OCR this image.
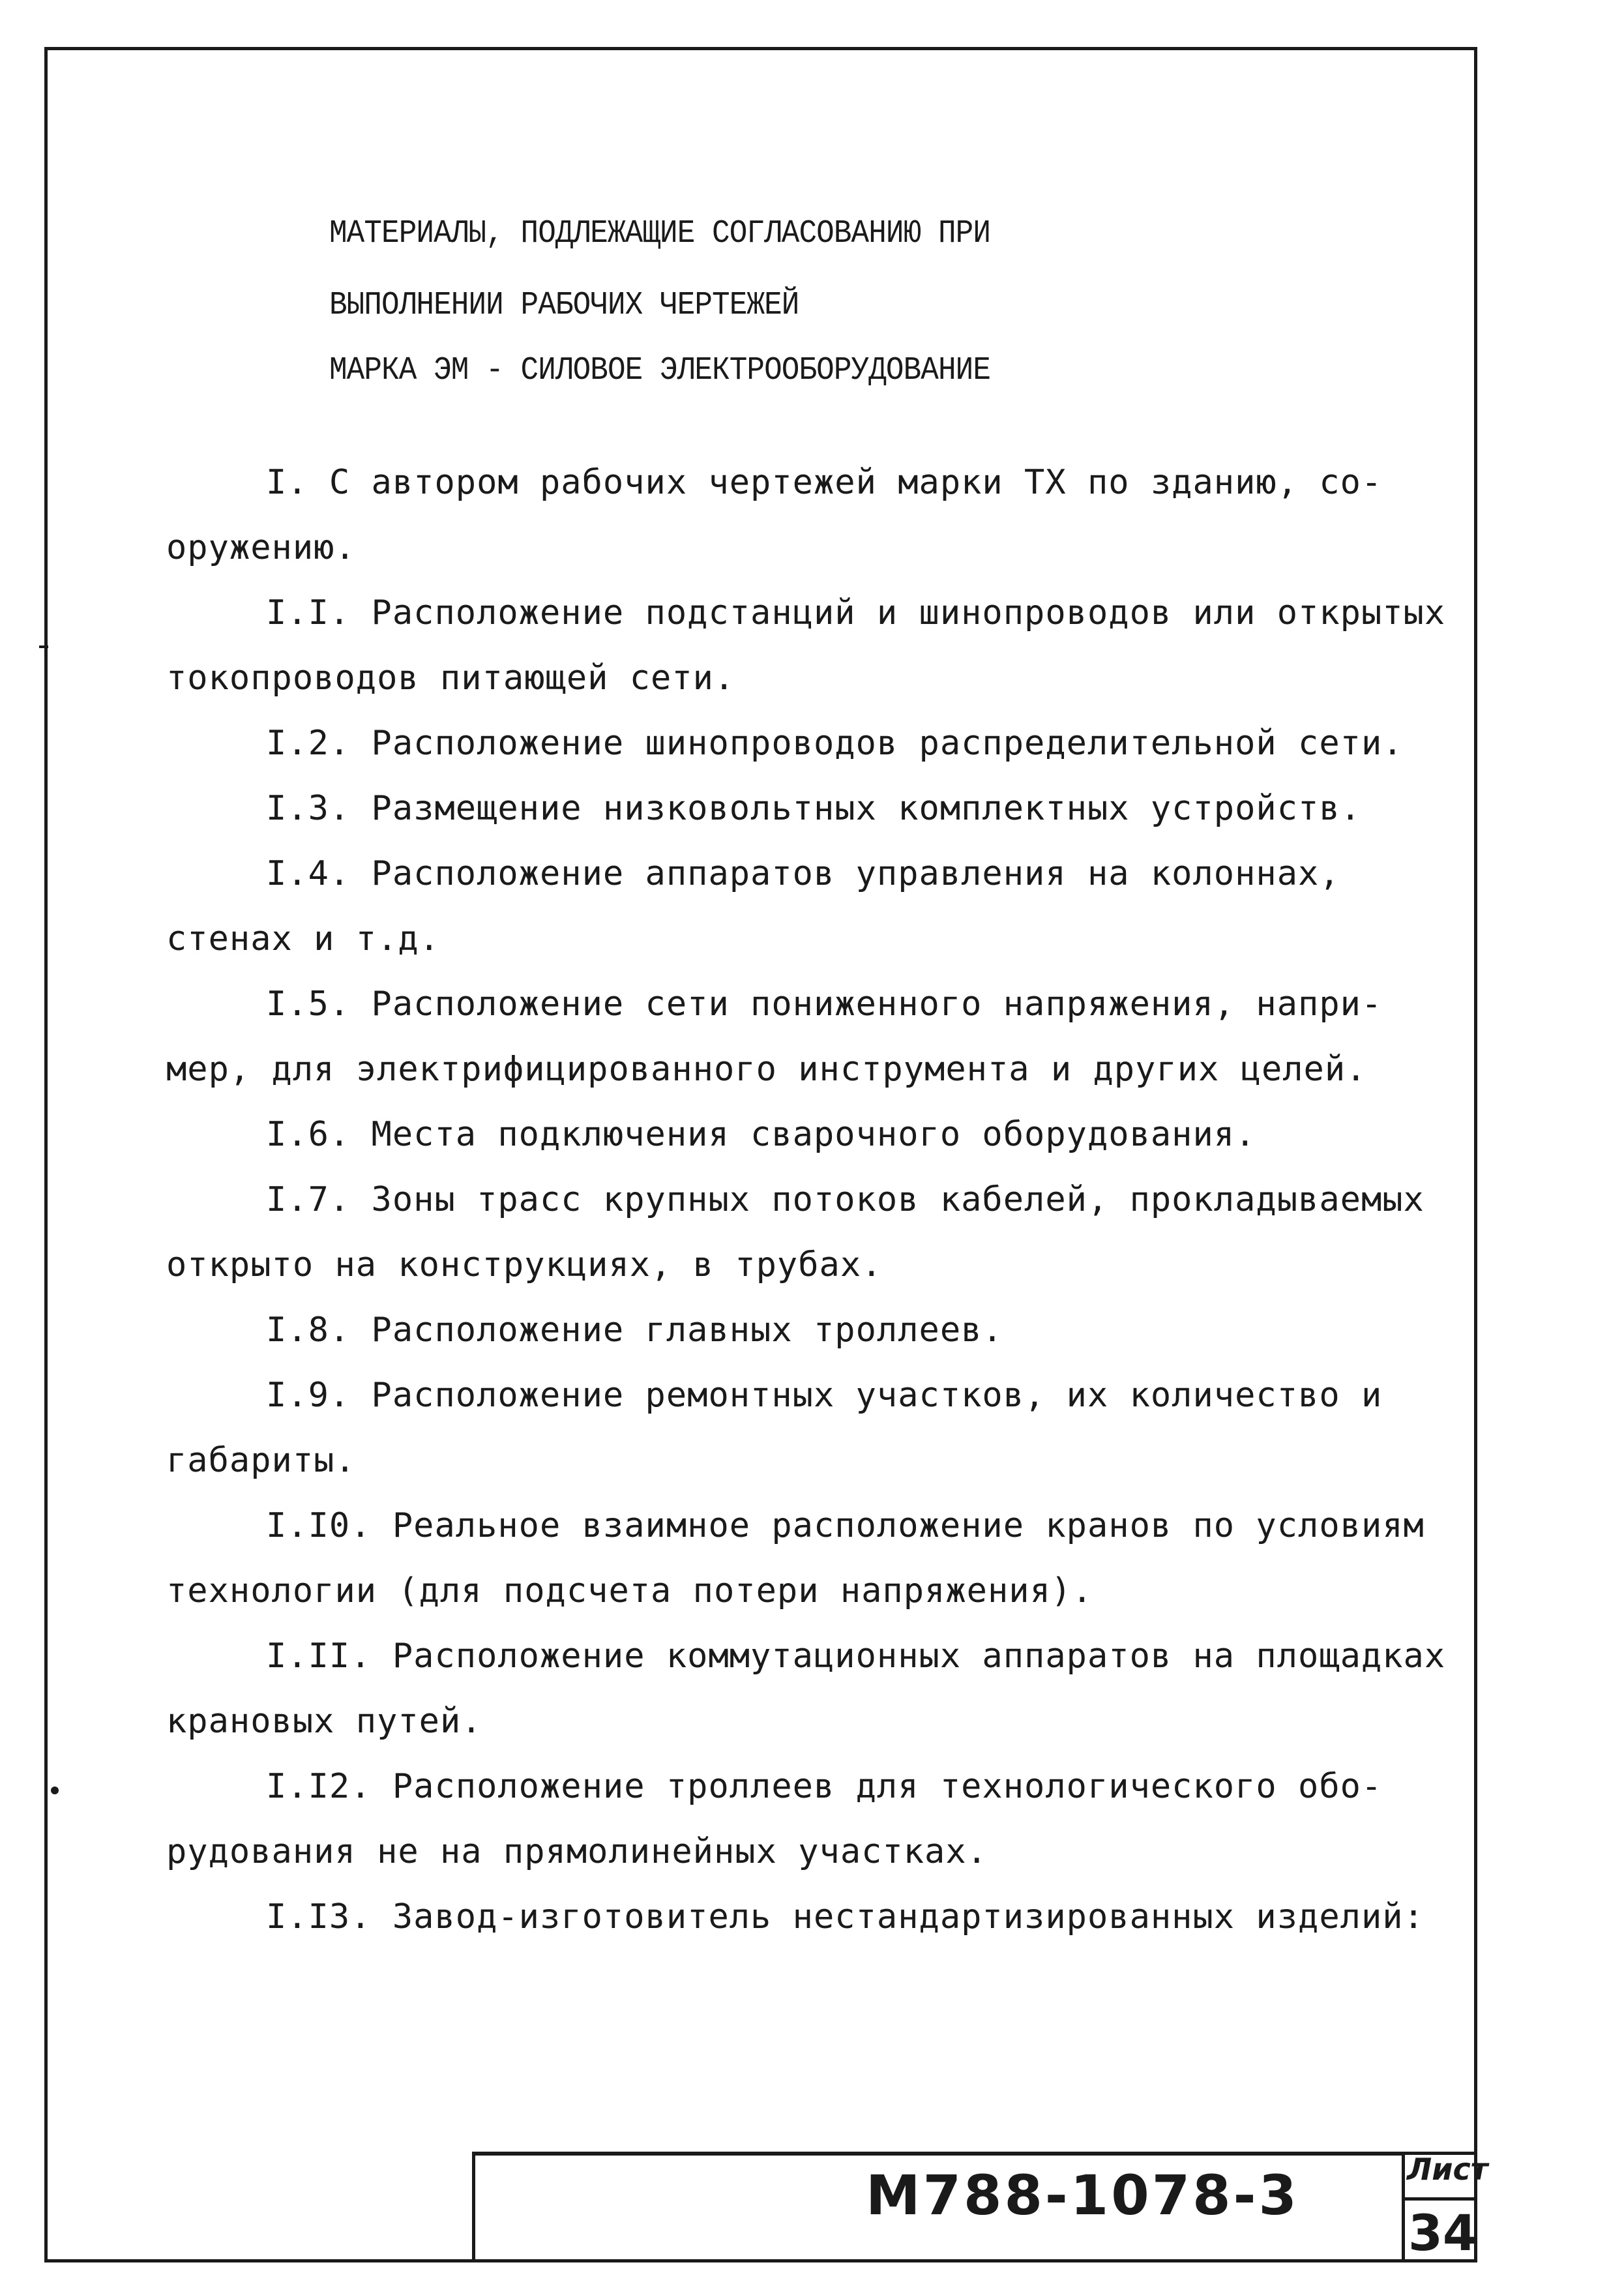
МАТЕРИАЛЫ, ПОДЛЕЖАЩИЕ СОГЛАСОВАНИЮ ПРИ
ВЫПОЛНЕНИИ РАБОЧИХ ЧЕРТЕЖЕЙ
МАРКА ЭМ - СИЛОВОЕ ЭЛЕКТРООБОРУДОВАНИЕ
I. С автором рабочих чертежей марки ТХ по зданию, со-
оружению.
I.I. Расположение подстанций и шинопроводов или открытых
токопроводов питающей сети.
I.2. Расположение шинопроводов распределительной сети.
I.3. Размещение низковольтных комплектных устройств.
I.4. Расположение аппаратов управления на колоннах,
стенах и т.д.
I.5. Расположение сети пониженного напряжения, напри-
мер, для электрифицированного инструмента и других целей.
I.6. Места подключения сварочного оборудования.
I.7. Зоны трасс крупных потоков кабелей, прокладываемых
открыто на конструкциях, в трубах.
I.8. Расположение главных троллеев.
I.9. Расположение ремонтных участков, их количество и
габариты.
I.I0. Реальное взаимное расположение кранов по условиям
технологии (для подсчета потери напряжения).
I.II. Расположение коммутационных аппаратов на площадках
крановых путей.
I.I2. Расположение троллеев для технологического обо-
рудования не на прямолинейных участках.
I.I3. Завод-изготовитель нестандартизированных изделий:
М788-1078-3	Лист
34
